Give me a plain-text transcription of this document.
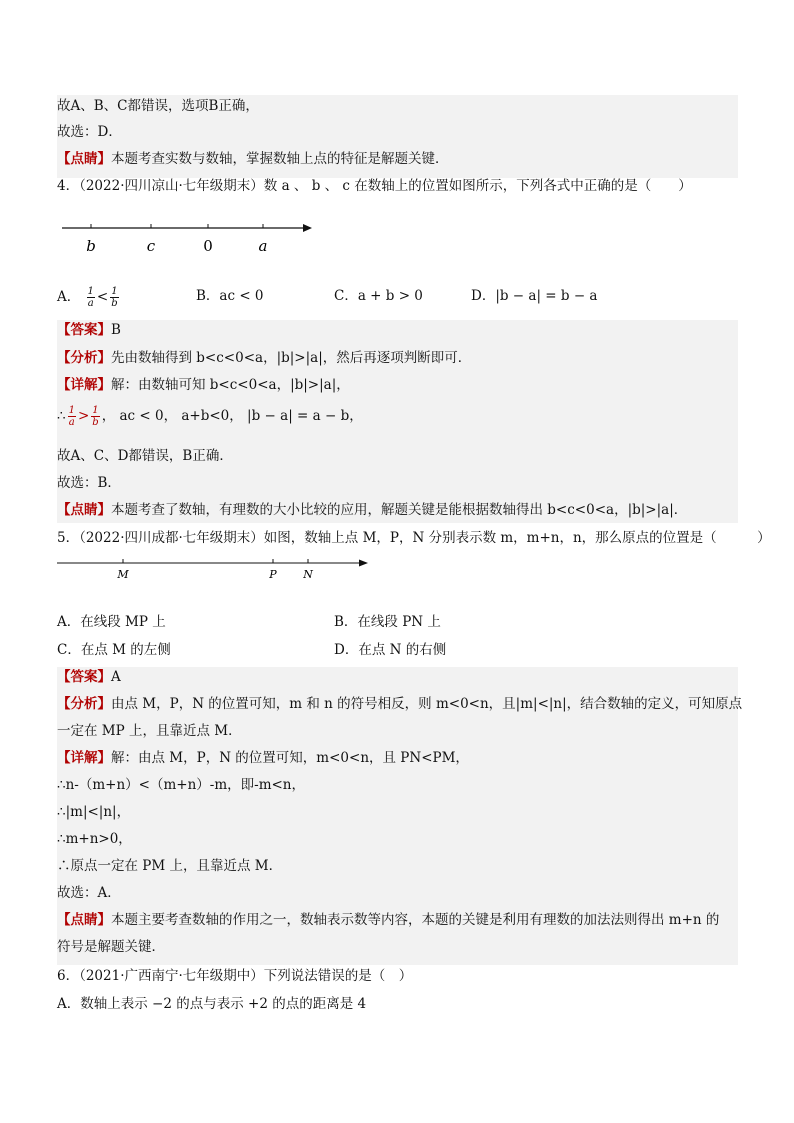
故A、B、C都错误，选项B正确，
故选：D．
【点睛】本题考查实数与数轴，掌握数轴上点的特征是解题关键．
4．（2022·四川凉山·七年级期末）数 a 、 b 、 c 在数轴上的位置如图所示，下列各式中正确的是（　　）
b	c	0	a
A． $\frac{1}{a} < \frac{1}{b}$	B．ac < 0	C．a + b > 0	D．|b − a| = b − a
【答案】B
【分析】先由数轴得到 b<c<0<a，|b|>|a|，然后再逐项判断即可．
【详解】解：由数轴可知 b<c<0<a，|b|>|a|，
∴ $\frac{1}{a} > \frac{1}{b}$ ， ac < 0， a+b<0， |b − a| = a − b，
故A、C、D都错误，B正确．
故选：B．
【点睛】本题考查了数轴，有理数的大小比较的应用，解题关键是能根据数轴得出 b<c<0<a，|b|>|a|．
5．（2022·四川成都·七年级期末）如图，数轴上点 M，P，N 分别表示数 m，m+n，n，那么原点的位置是（　　　）
M	P N
A．在线段 MP 上	B．在线段 PN 上
C．在点 M 的左侧	D．在点 N 的右侧
【答案】A
【分析】由点 M，P，N 的位置可知，m 和 n 的符号相反，则 m<0<n，且|m|<|n|，结合数轴的定义，可知原点
一定在 MP 上，且靠近点 M．
【详解】解：由点 M，P，N 的位置可知，m<0<n，且 PN<PM，
∴n-（m+n）<（m+n）-m，即-m<n，
∴|m|<|n|，
∴m+n>0，
∴原点一定在 PM 上，且靠近点 M．
故选：A．
【点睛】本题主要考查数轴的作用之一，数轴表示数等内容，本题的关键是利用有理数的加法法则得出 m+n 的
符号是解题关键．
6．（2021·广西南宁·七年级期中）下列说法错误的是（　）
A．数轴上表示 −2 的点与表示 +2 的点的距离是 4
